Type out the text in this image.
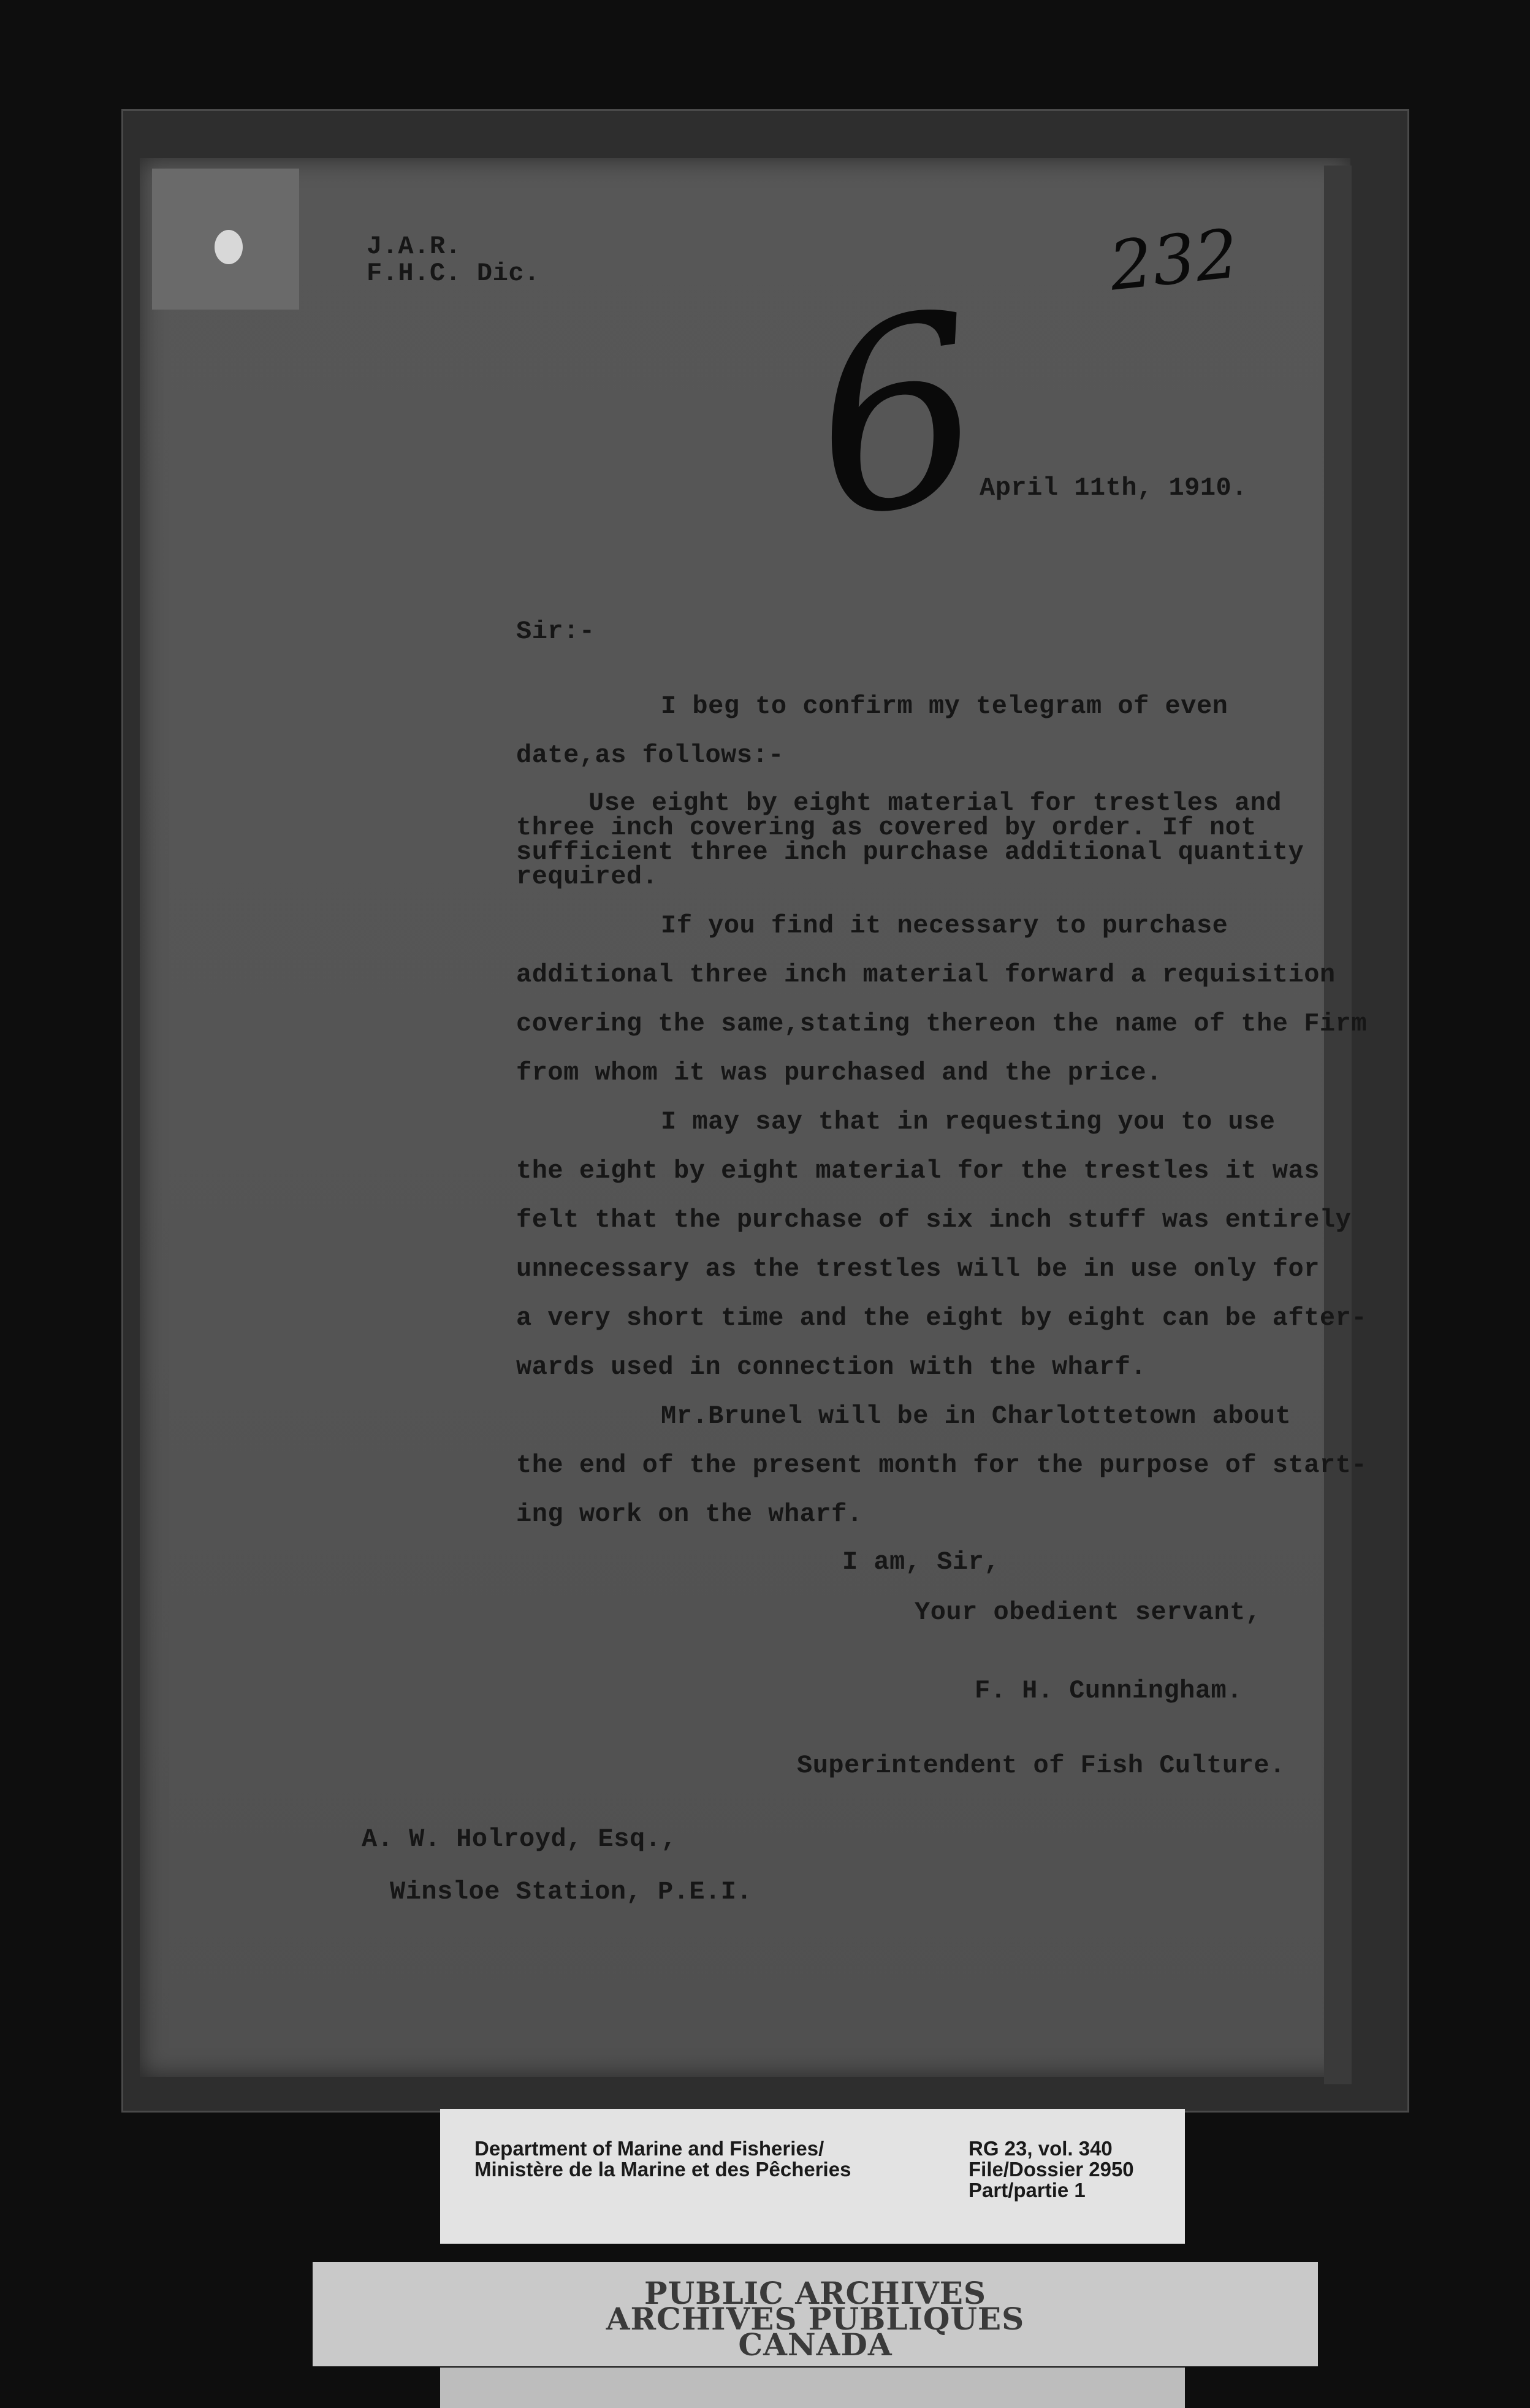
J.A.R.
F.H.C. Dic.	232
6
April 11th, 1910.
Sir:-
I beg to confirm my telegram of even
date,as follows:-
Use eight by eight material for trestles and
three inch covering as covered by order. If not
sufficient three inch purchase additional quantity
required.
If you find it necessary to purchase
additional three inch material forward a requisition
covering the same,stating thereon the name of the Firm
from whom it was purchased and the price.
I may say that in requesting you to use
the eight by eight material for the trestles it was
felt that the purchase of six inch stuff was entirely
unnecessary as the trestles will be in use only for
a very short time and the eight by eight can be after-
wards used in connection with the wharf.
Mr.Brunel will be in Charlottetown about
the end of the present month for the purpose of start-
ing work on the wharf.
I am, Sir,
Your obedient servant,
F. H. Cunningham.
Superintendent of Fish Culture.
A. W. Holroyd, Esq.,
Winsloe Station, P.E.I.
Department of Marine and Fisheries/
Ministère de la Marine et des Pêcheries
RG 23, vol. 340
File/Dossier 2950
Part/partie 1
PUBLIC ARCHIVES
ARCHIVES PUBLIQUES
CANADA
